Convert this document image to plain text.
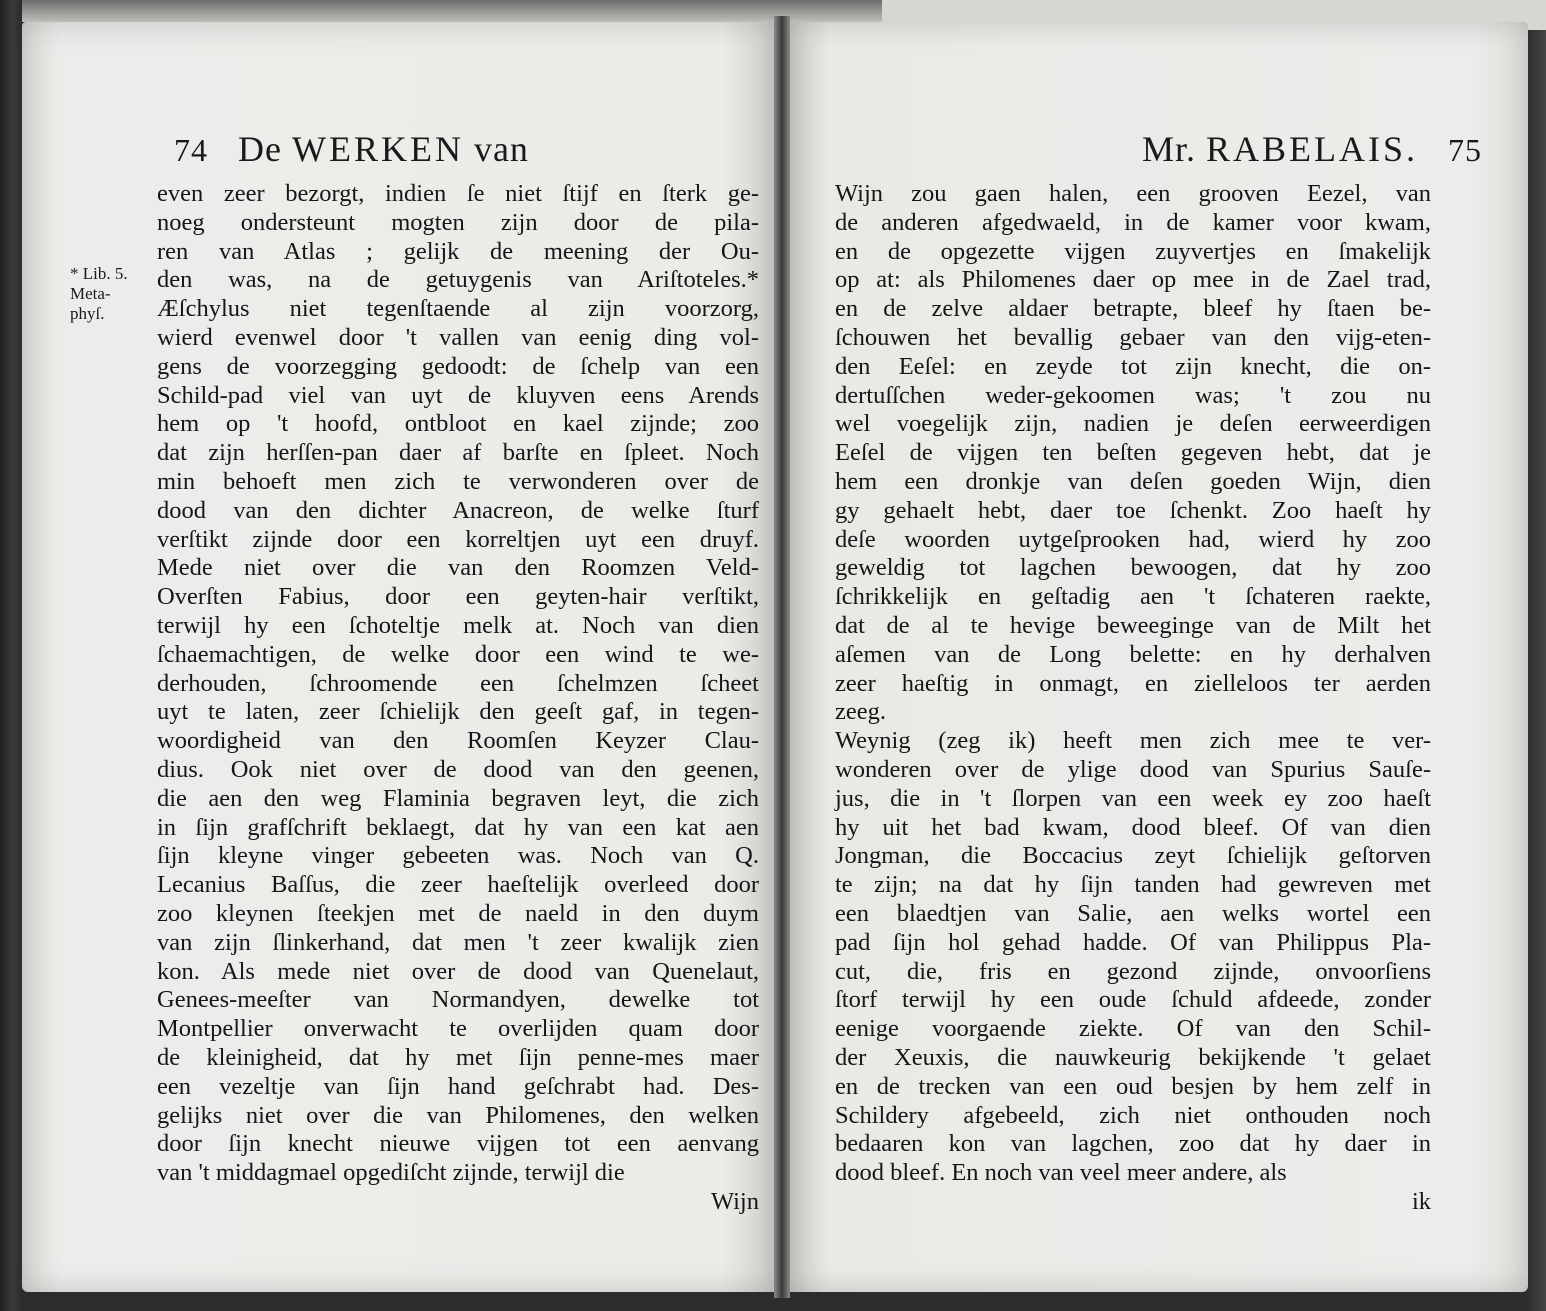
74 De WERKEN van
* Lib. 5.
Meta-
phyſ.
even zeer bezorgt, indien ſe niet ſtijf en ſterk ge-
noeg ondersteunt mogten zijn door de pila-
ren van Atlas ; gelijk de meening der Ou-
den was, na de getuygenis van Ariſtoteles.*
Æſchylus niet tegenſtaende al zijn voorzorg,
wierd evenwel door 't vallen van eenig ding vol-
gens de voorzegging gedoodt: de ſchelp van een
Schild-pad viel van uyt de kluyven eens Arends
hem op 't hoofd, ontbloot en kael zijnde; zoo
dat zijn herſſen-pan daer af barſte en ſpleet. Noch
min behoeft men zich te verwonderen over de
dood van den dichter Anacreon, de welke ſturf
verſtikt zijnde door een korreltjen uyt een druyf.
Mede niet over die van den Roomzen Veld-
Overſten Fabius, door een geyten-hair verſtikt,
terwijl hy een ſchoteltje melk at. Noch van dien
ſchaemachtigen, de welke door een wind te we-
derhouden, ſchroomende een ſchelmzen ſcheet
uyt te laten, zeer ſchielijk den geeſt gaf, in tegen-
woordigheid van den Roomſen Keyzer Clau-
dius. Ook niet over de dood van den geenen,
die aen den weg Flaminia begraven leyt, die zich
in ſijn grafſchrift beklaegt, dat hy van een kat aen
ſijn kleyne vinger gebeeten was. Noch van Q.
Lecanius Baſſus, die zeer haeſtelijk overleed door
zoo kleynen ſteekjen met de naeld in den duym
van zijn ſlinkerhand, dat men 't zeer kwalijk zien
kon. Als mede niet over de dood van Quenelaut,
Genees-meeſter van Normandyen, dewelke tot
Montpellier onverwacht te overlijden quam door
de kleinigheid, dat hy met ſijn penne-mes maer
een vezeltje van ſijn hand geſchrabt had. Des-
gelijks niet over die van Philomenes, den welken
door ſijn knecht nieuwe vijgen tot een aenvang
van 't middagmael opgediſcht zijnde, terwijl die
Wijn
Mr. RABELAIS. 75
Wijn zou gaen halen, een grooven Eezel, van
de anderen afgedwaeld, in de kamer voor kwam,
en de opgezette vijgen zuyvertjes en ſmakelijk
op at: als Philomenes daer op mee in de Zael trad,
en de zelve aldaer betrapte, bleef hy ſtaen be-
ſchouwen het bevallig gebaer van den vijg-eten-
den Eeſel: en zeyde tot zijn knecht, die on-
dertuſſchen weder-gekoomen was; 't zou nu
wel voegelijk zijn, nadien je deſen eerweerdigen
Eeſel de vijgen ten beſten gegeven hebt, dat je
hem een dronkje van deſen goeden Wijn, dien
gy gehaelt hebt, daer toe ſchenkt. Zoo haeſt hy
deſe woorden uytgeſprooken had, wierd hy zoo
geweldig tot lagchen bewoogen, dat hy zoo
ſchrikkelijk en geſtadig aen 't ſchateren raekte,
dat de al te hevige beweeginge van de Milt het
aſemen van de Long belette: en hy derhalven
zeer haeſtig in onmagt, en zielleloos ter aerden
zeeg.
Weynig (zeg ik) heeft men zich mee te ver-
wonderen over de ylige dood van Spurius Sauſe-
jus, die in 't ſlorpen van een week ey zoo haeſt
hy uit het bad kwam, dood bleef. Of van dien
Jongman, die Boccacius zeyt ſchielijk geſtorven
te zijn; na dat hy ſijn tanden had gewreven met
een blaedtjen van Salie, aen welks wortel een
pad ſijn hol gehad hadde. Of van Philippus Pla-
cut, die, fris en gezond zijnde, onvoorſiens
ſtorf terwijl hy een oude ſchuld afdeede, zonder
eenige voorgaende ziekte. Of van den Schil-
der Xeuxis, die nauwkeurig bekijkende 't gelaet
en de trecken van een oud besjen by hem zelf in
Schildery afgebeeld, zich niet onthouden noch
bedaaren kon van lagchen, zoo dat hy daer in
dood bleef. En noch van veel meer andere, als
ik
